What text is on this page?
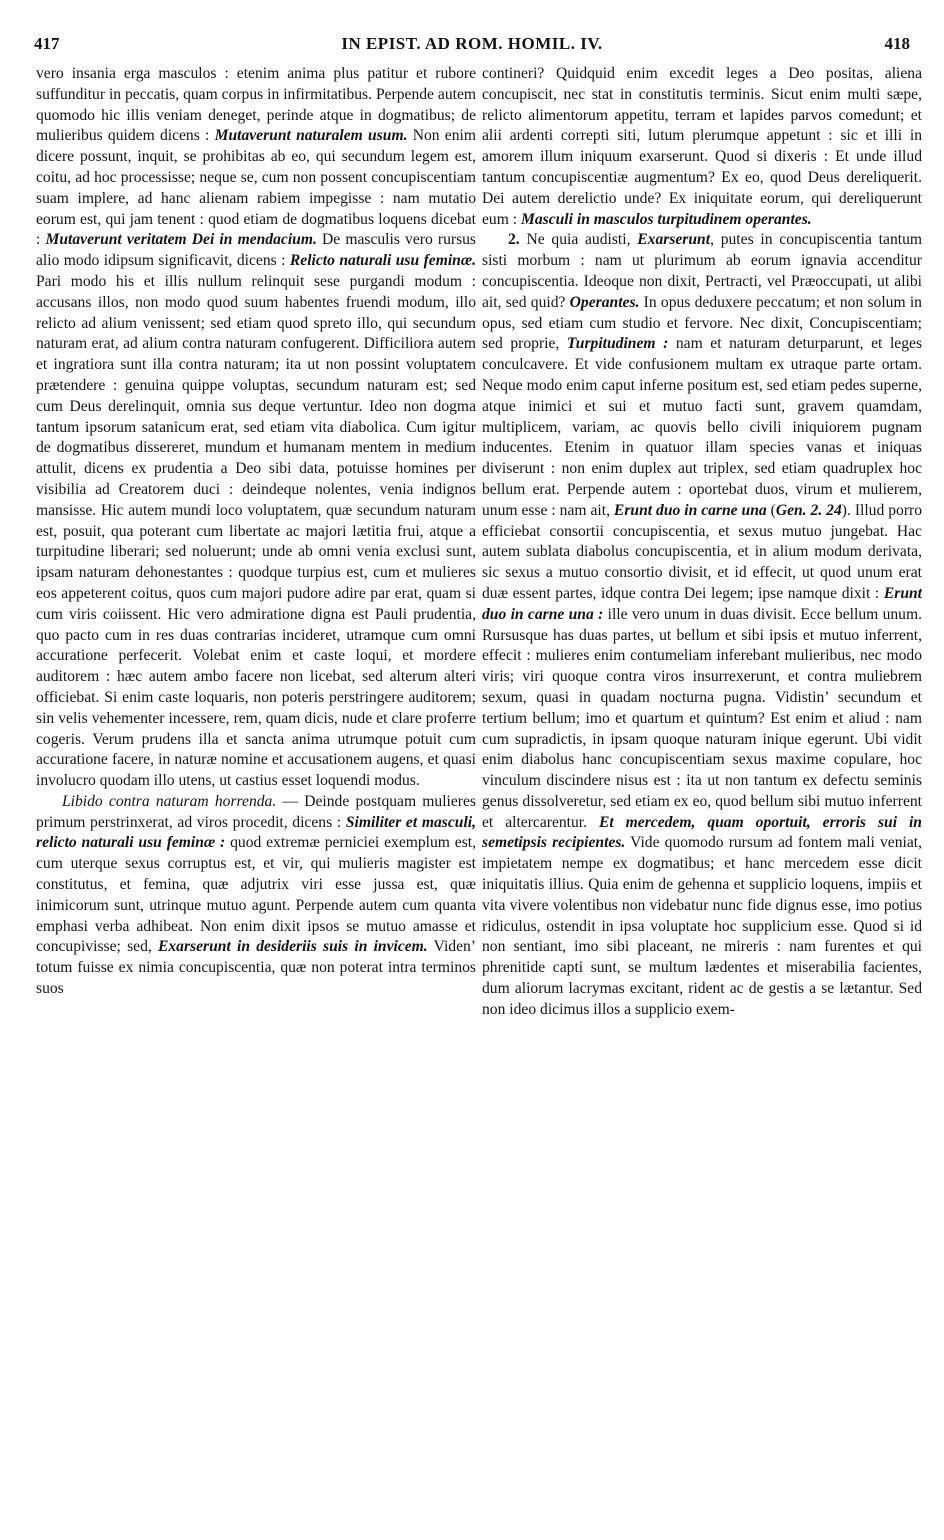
417	IN EPIST. AD ROM. HOMIL. IV.	418

vero insania erga masculos : etenim anima plus patitur et rubore suffunditur in peccatis, quam corpus in infirmitatibus. Perpende autem quomodo hic illis veniam deneget, perinde atque in dogmatibus; de mulieribus quidem dicens : Mutaverunt naturalem usum. Non enim dicere possunt, inquit, se prohibitas ab eo, qui secundum legem est, coitu, ad hoc processisse; neque se, cum non possent concupiscentiam suam implere, ad hanc alienam rabiem impegisse : nam mutatio eorum est, qui jam tenent : quod etiam de dogmatibus loquens dicebat : Mutaverunt veritatem Dei in mendacium. De masculis vero rursus alio modo idipsum significavit, dicens : Relicto naturali usu feminæ. Pari modo his et illis nullum relinquit sese purgandi modum : accusans illos, non modo quod suum habentes fruendi modum, illo relicto ad alium venissent; sed etiam quod spreto illo, qui secundum naturam erat, ad alium contra naturam confugerent. Difficiliora autem et ingratiora sunt illa contra naturam; ita ut non possint voluptatem prætendere : genuina quippe voluptas, secundum naturam est; sed cum Deus derelinquit, omnia sus deque vertuntur. Ideo non dogma tantum ipsorum satanicum erat, sed etiam vita diabolica. Cum igitur de dogmatibus dissereret, mundum et humanam mentem in medium attulit, dicens ex prudentia a Deo sibi data, potuisse homines per visibilia ad Creatorem duci : deindeque nolentes, venia indignos mansisse. Hic autem mundi loco voluptatem, quæ secundum naturam est, posuit, qua poterant cum libertate ac majori lætitia frui, atque a turpitudine liberari; sed noluerunt; unde ab omni venia exclusi sunt, ipsam naturam dehonestantes : quodque turpius est, cum et mulieres eos appeterent coitus, quos cum majori pudore adire par erat, quam si cum viris coiissent. Hic vero admiratione digna est Pauli prudentia, quo pacto cum in res duas contrarias incideret, utramque cum omni accuratione perfecerit. Volebat enim et caste loqui, et mordere auditorem : hæc autem ambo facere non licebat, sed alterum alteri officiebat. Si enim caste loquaris, non poteris perstringere auditorem; sin velis vehementer incessere, rem, quam dicis, nude et clare proferre cogeris. Verum prudens illa et sancta anima utrumque potuit cum accuratione facere, in naturæ nomine et accusationem augens, et quasi involucro quodam illo utens, ut castius esset loquendi modus.

Libido contra naturam horrenda. — Deinde postquam mulieres primum perstrinxerat, ad viros procedit, dicens : Similiter et masculi, relicto naturali usu feminæ : quod extremæ perniciei exemplum est, cum uterque sexus corruptus est, et vir, qui mulieris magister est constitutus, et femina, quæ adjutrix viri esse jussa est, quæ inimicorum sunt, utrinque mutuo agunt. Perpende autem cum quanta emphasi verba adhibeat. Non enim dixit ipsos se mutuo amasse et concupivisse; sed, Exarserunt in desideriis suis in invicem. Viden’ totum fuisse ex nimia concupiscentia, quæ non poterat intra terminos suos

contineri? Quidquid enim excedit leges a Deo positas, aliena concupiscit, nec stat in constitutis terminis. Sicut enim multi sæpe, relicto alimentorum appetitu, terram et lapides parvos comedunt; et alii ardenti correpti siti, lutum plerumque appetunt : sic et illi in amorem illum iniquum exarserunt. Quod si dixeris : Et unde illud tantum concupiscentiæ augmentum? Ex eo, quod Deus dereliquerit. Dei autem derelictio unde? Ex iniquitate eorum, qui dereliquerunt eum : Masculi in masculos turpitudinem operantes.

2. Ne quia audisti, Exarserunt, putes in concupiscentia tantum sisti morbum : nam ut plurimum ab eorum ignavia accenditur concupiscentia. Ideoque non dixit, Pertracti, vel Præoccupati, ut alibi ait, sed quid? Operantes. In opus deduxere peccatum; et non solum in opus, sed etiam cum studio et fervore. Nec dixit, Concupiscentiam; sed proprie, Turpitudinem : nam et naturam deturparunt, et leges conculcavere. Et vide confusionem multam ex utraque parte ortam. Neque modo enim caput inferne positum est, sed etiam pedes superne, atque inimici et sui et mutuo facti sunt, gravem quamdam, multiplicem, variam, ac quovis bello civili iniquiorem pugnam inducentes. Etenim in quatuor illam species vanas et iniquas diviserunt : non enim duplex aut triplex, sed etiam quadruplex hoc bellum erat. Perpende autem : oportebat duos, virum et mulierem, unum esse : nam ait, Erunt duo in carne una (Gen. 2. 24). Illud porro efficiebat consortii concupiscentia, et sexus mutuo jungebat. Hac autem sublata diabolus concupiscentia, et in alium modum derivata, sic sexus a mutuo consortio divisit, et id effecit, ut quod unum erat duæ essent partes, idque contra Dei legem; ipse namque dixit : Erunt duo in carne una : ille vero unum in duas divisit. Ecce bellum unum. Rursusque has duas partes, ut bellum et sibi ipsis et mutuo inferrent, effecit : mulieres enim contumeliam inferebant mulieribus, nec modo viris; viri quoque contra viros insurrexerunt, et contra muliebrem sexum, quasi in quadam nocturna pugna. Vidistin’ secundum et tertium bellum; imo et quartum et quintum? Est enim et aliud : nam cum supradictis, in ipsam quoque naturam inique egerunt. Ubi vidit enim diabolus hanc concupiscentiam sexus maxime copulare, hoc vinculum discindere nisus est : ita ut non tantum ex defectu seminis genus dissolveretur, sed etiam ex eo, quod bellum sibi mutuo inferrent et altercarentur. Et mercedem, quam oportuit, erroris sui in semetipsis recipientes. Vide quomodo rursum ad fontem mali veniat, impietatem nempe ex dogmatibus; et hanc mercedem esse dicit iniquitatis illius. Quia enim de gehenna et supplicio loquens, impiis et vita vivere volentibus non videbatur nunc fide dignus esse, imo potius ridiculus, ostendit in ipsa voluptate hoc supplicium esse. Quod si id non sentiant, imo sibi placeant, ne mireris : nam furentes et qui phrenitide capti sunt, se multum lædentes et miserabilia facientes, dum aliorum lacrymas excitant, rident ac de gestis a se lætantur. Sed non ideo dicimus illos a supplicio exem-
